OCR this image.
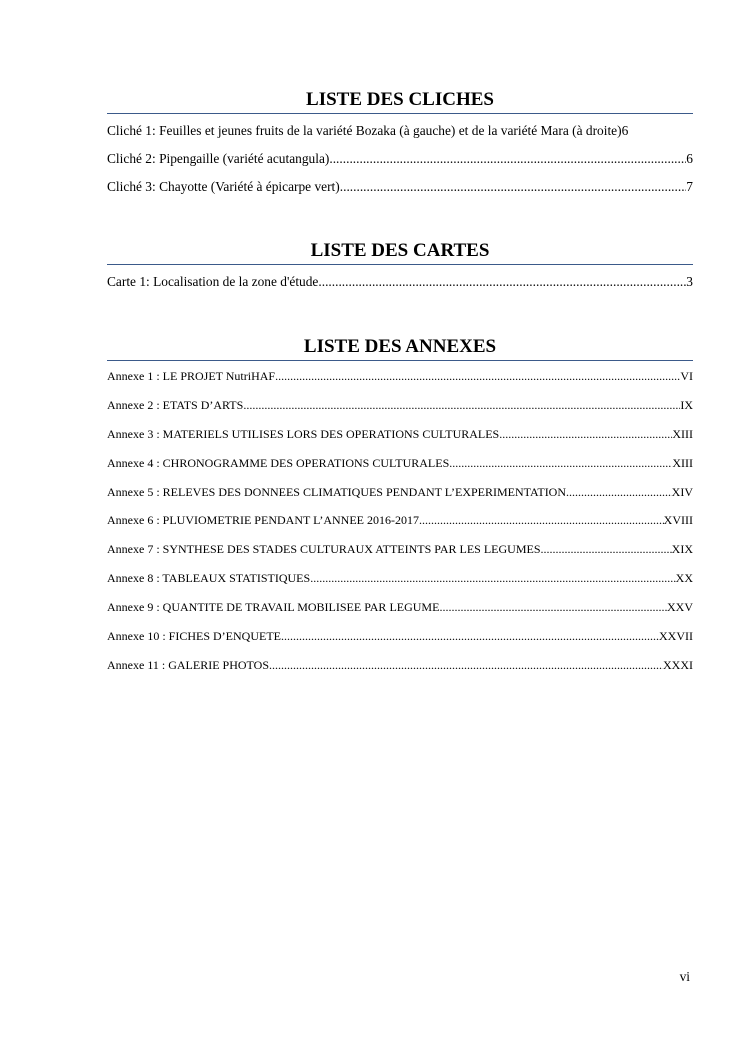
LISTE DES CLICHES
Cliché 1: Feuilles et jeunes fruits de la variété Bozaka (à gauche) et de la variété Mara (à droite) 6
Cliché 2: Pipengaille (variété acutangula) .....	6
Cliché 3: Chayotte (Variété à épicarpe vert) .....	7
LISTE DES CARTES
Carte 1: Localisation de la zone d'étude .....	3
LISTE DES ANNEXES
Annexe 1 : LE PROJET NutriHAF .....	VI
Annexe 2 : ETATS D’ARTS .....	IX
Annexe 3 : MATERIELS UTILISES LORS DES OPERATIONS CULTURALES .....	XIII
Annexe 4 : CHRONOGRAMME DES OPERATIONS CULTURALES .....	XIII
Annexe 5 : RELEVES DES DONNEES CLIMATIQUES PENDANT L’EXPERIMENTATION .....	XIV
Annexe 6 : PLUVIOMETRIE PENDANT L’ANNEE 2016-2017 .....	XVIII
Annexe 7 : SYNTHESE DES STADES CULTURAUX ATTEINTS PAR LES LEGUMES .....	XIX
Annexe 8 : TABLEAUX STATISTIQUES .....	XX
Annexe 9 : QUANTITE DE TRAVAIL MOBILISEE PAR LEGUME .....	XXV
Annexe 10 : FICHES D’ENQUETE .....	XXVII
Annexe 11 : GALERIE PHOTOS .....	XXXI
vi
